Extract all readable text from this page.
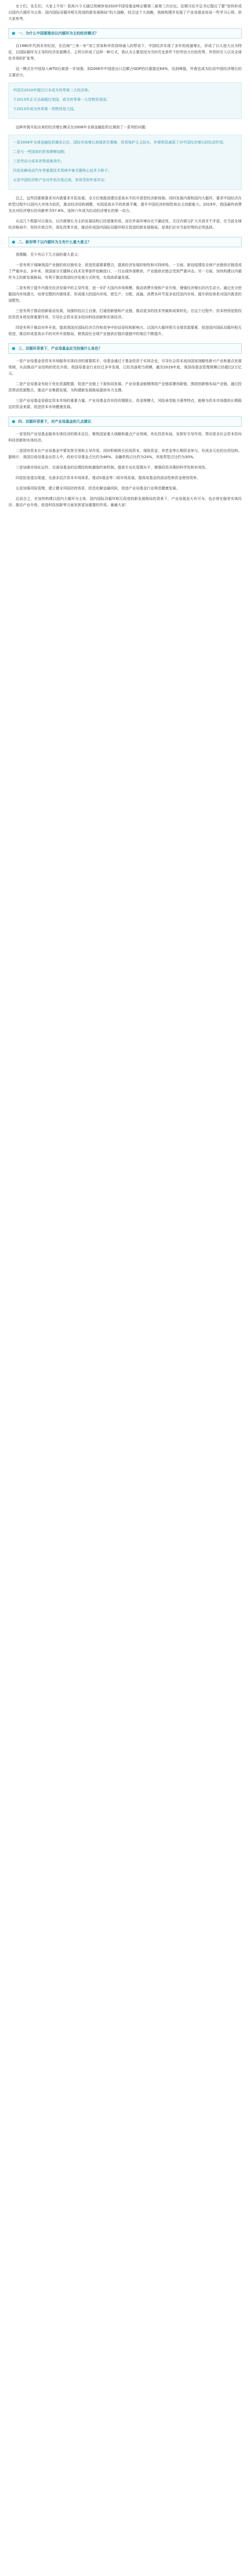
女士们、先生们、大家上午好！很高兴今天通过视频参加2020中国母基金峰会暨第二届第三次论坛。近期习近平总书记提出了要“加快形成以国内大循环为主体、国内国际双循环相互促进的新发展格局”的大战略，结合这个大战略，我就构建并发展了产业母基金谈谈一些学习心得。供大家参考。

一、为什么中国要推动以内循环为主的经济模式？

自1980年代到本世纪初，在沿海“三来一补”加工贸易和外资持续涌入的带动下，中国经济实现了多年的高速增长，形成了以大进大出为特征，以国际循环为主导的经济发展模式，之所以形成了这样一种方式，我认为主要是因为当时历史条件下的劳动力比较优势，外资的引入以及全球化市场的扩张等。

这一模式在中国加入WTO后被进一步加强，到2006年中国进出口总额占GDP的比重接近64%，达到峰值，外需也成为拉动中国经济增长的主要动力。

中国至2010年超过日本成为世界第二大经济体；
于2013年正式全面超过美国，成为世界第一大货物贸易国；
于2013年成为世界第一货物贸易大国。

这种外需开拓出来的经济增长模式在2008年全球金融危机后遇到了一系列的问题：

一是2008年全球金融危机爆发以后，国际市场增长放缓甚至萎缩，贸易保护主义抬头，外需明显减弱了对中国经济增长的拉动作用；
二是与一些国家的贸易摩擦加剧；
三是劳动力成本优势逐渐消失；
四是依赖电动汽车等重要技术领域中被关键核心技术卡脖子；
五是中国经济和产业对外依存度过高，容易受到外部冲击；

总之，这些因素都要求对内需要求开拓发展，全方位地推进建设更高水平的开放型经济新体制。同时发展内需和国内大循环，要求中国经济在转型过程中以国内大市场为依托，推动经济结构调整，实现更高水平的供需平衡，提升中国经济的韧性和自主创新能力。2019年，我国最终消费支出对经济增长的贡献率为57.8%，连续六年成为拉动经济增长的第一动力。

从这几个数据可以看出，以内需增长为主的发展结构已经逐渐形成，而在外部环境存在不确定性，关注内需与扩大开放并不矛盾，在当前全球经济格局中，坚持开放合作，深化改革开放，推动形成国内国际双循环相互促进的新发展格局，是我们应对当前形势的必然选择。

二、新形势下以内循环为主有什么重大意义？

我理解，至少有以下几方面的重大意义：

一是有利于保障我国产业链的供应链安全，促进资源要素整合，提高经济发展的韧性和可持续性。一方面，新冠疫情给全球产业链供应链造成了严重冲击，多年来，我国部分关键核心技术及零部件依赖进口，一旦出现外部断供，产业链供应链会受到严重冲击。另一方面，加快构建以内循环为主的新发展格局，有利于推动我国经济发展方式转变，实现高质量发展。

二是有利于提升内需在经济发展中的主导作用，进一步扩大国内市场规模，推动消费升级和产业升级，增强经济增长的内生动力。通过充分挖掘国内市场潜力，培育完整的内需体系，形成强大的国内市场，使生产、分配、流通、消费各环节更多依托国内市场，提升供给体系对国内需求的适配性。

三是有利于推动创新驱动发展，加强科技自立自强，打通创新链和产业链，推动更多的技术突破和成果转化。在这个过程中，资本特别是股权投资资本将发挥重要作用，引导社会资本更多投向科技创新和实体经济。

四是有利于推动对外开放，提高我国在国际经济合作和竞争中的话语权和影响力。以国内大循环吸引全球资源要素，促进国内国际双循环相互促进，推动形成更高水平的对外开放格局，使我国在全球产业链供应链价值链中的地位不断提升。

三、双循环背景下，产业母基金应当扮演什么角色？

一是产业母基金是资本市场服务实体经济的重要抓手。母基金通过子基金投资于实体企业，引导社会资本流向国家战略性新兴产业和重点发展领域，从而推动产业结构的优化升级。我国母基金行业经过多年发展，已经具备相当规模，截至2019年底，我国母基金管理规模已经超过2万亿元。

二是产业母基金有助于优化资源配置，促进产业链上下游协同发展。产业母基金能够围绕产业链部署创新链，围绕创新链布局产业链，通过投资带动资源整合，推动产业集群发展，为构建新发展格局提供有力支撑。

三是产业母基金是稳定资本市场的重要力量。产业母基金具有投资期限长、资金规模大、风险承受能力强等特点，能够为资本市场提供长期稳定的资金来源，促进资本市场健康发展。

四、双循环背景下，对产业母基金的几点建议

一是坚持产业母基金服务实体经济的根本定位，聚焦国家重大战略和重点产业领域，优化投资布局，发挥好引导作用，带动更多社会资本投向科技创新和实体经济。

二是国有资本在产业母基金中要发挥引领和主导作用，同时积极吸引民间资本、保险资金、养老金等长期资金参与，形成多元化的出资结构。据统计，我国目前母基金出资人中，政府引导基金占比约为46%，金融机构占比约为24%，其他类型占比约为30%。

三是加强市场化运作，完善母基金的治理结构和激励约束机制，提高专业化管理水平，增强投资决策的科学性和有效性。

四是拓宽退出渠道，完善多层次资本市场体系，推动S基金等二级市场发展，提高母基金的流动性和资金使用效率。

五是加强风险管理，建立健全风险防控体系，防范化解金融风险，促进产业母基金行业规范健康发展。

总而言之，在加快构建以国内大循环为主体、国内国际双循环相互促进的新发展格局的背景下，产业母基金大有可为，也必将在服务实体经济、推动产业升级、促进科技创新等方面发挥更加重要的作用。谢谢大家！
